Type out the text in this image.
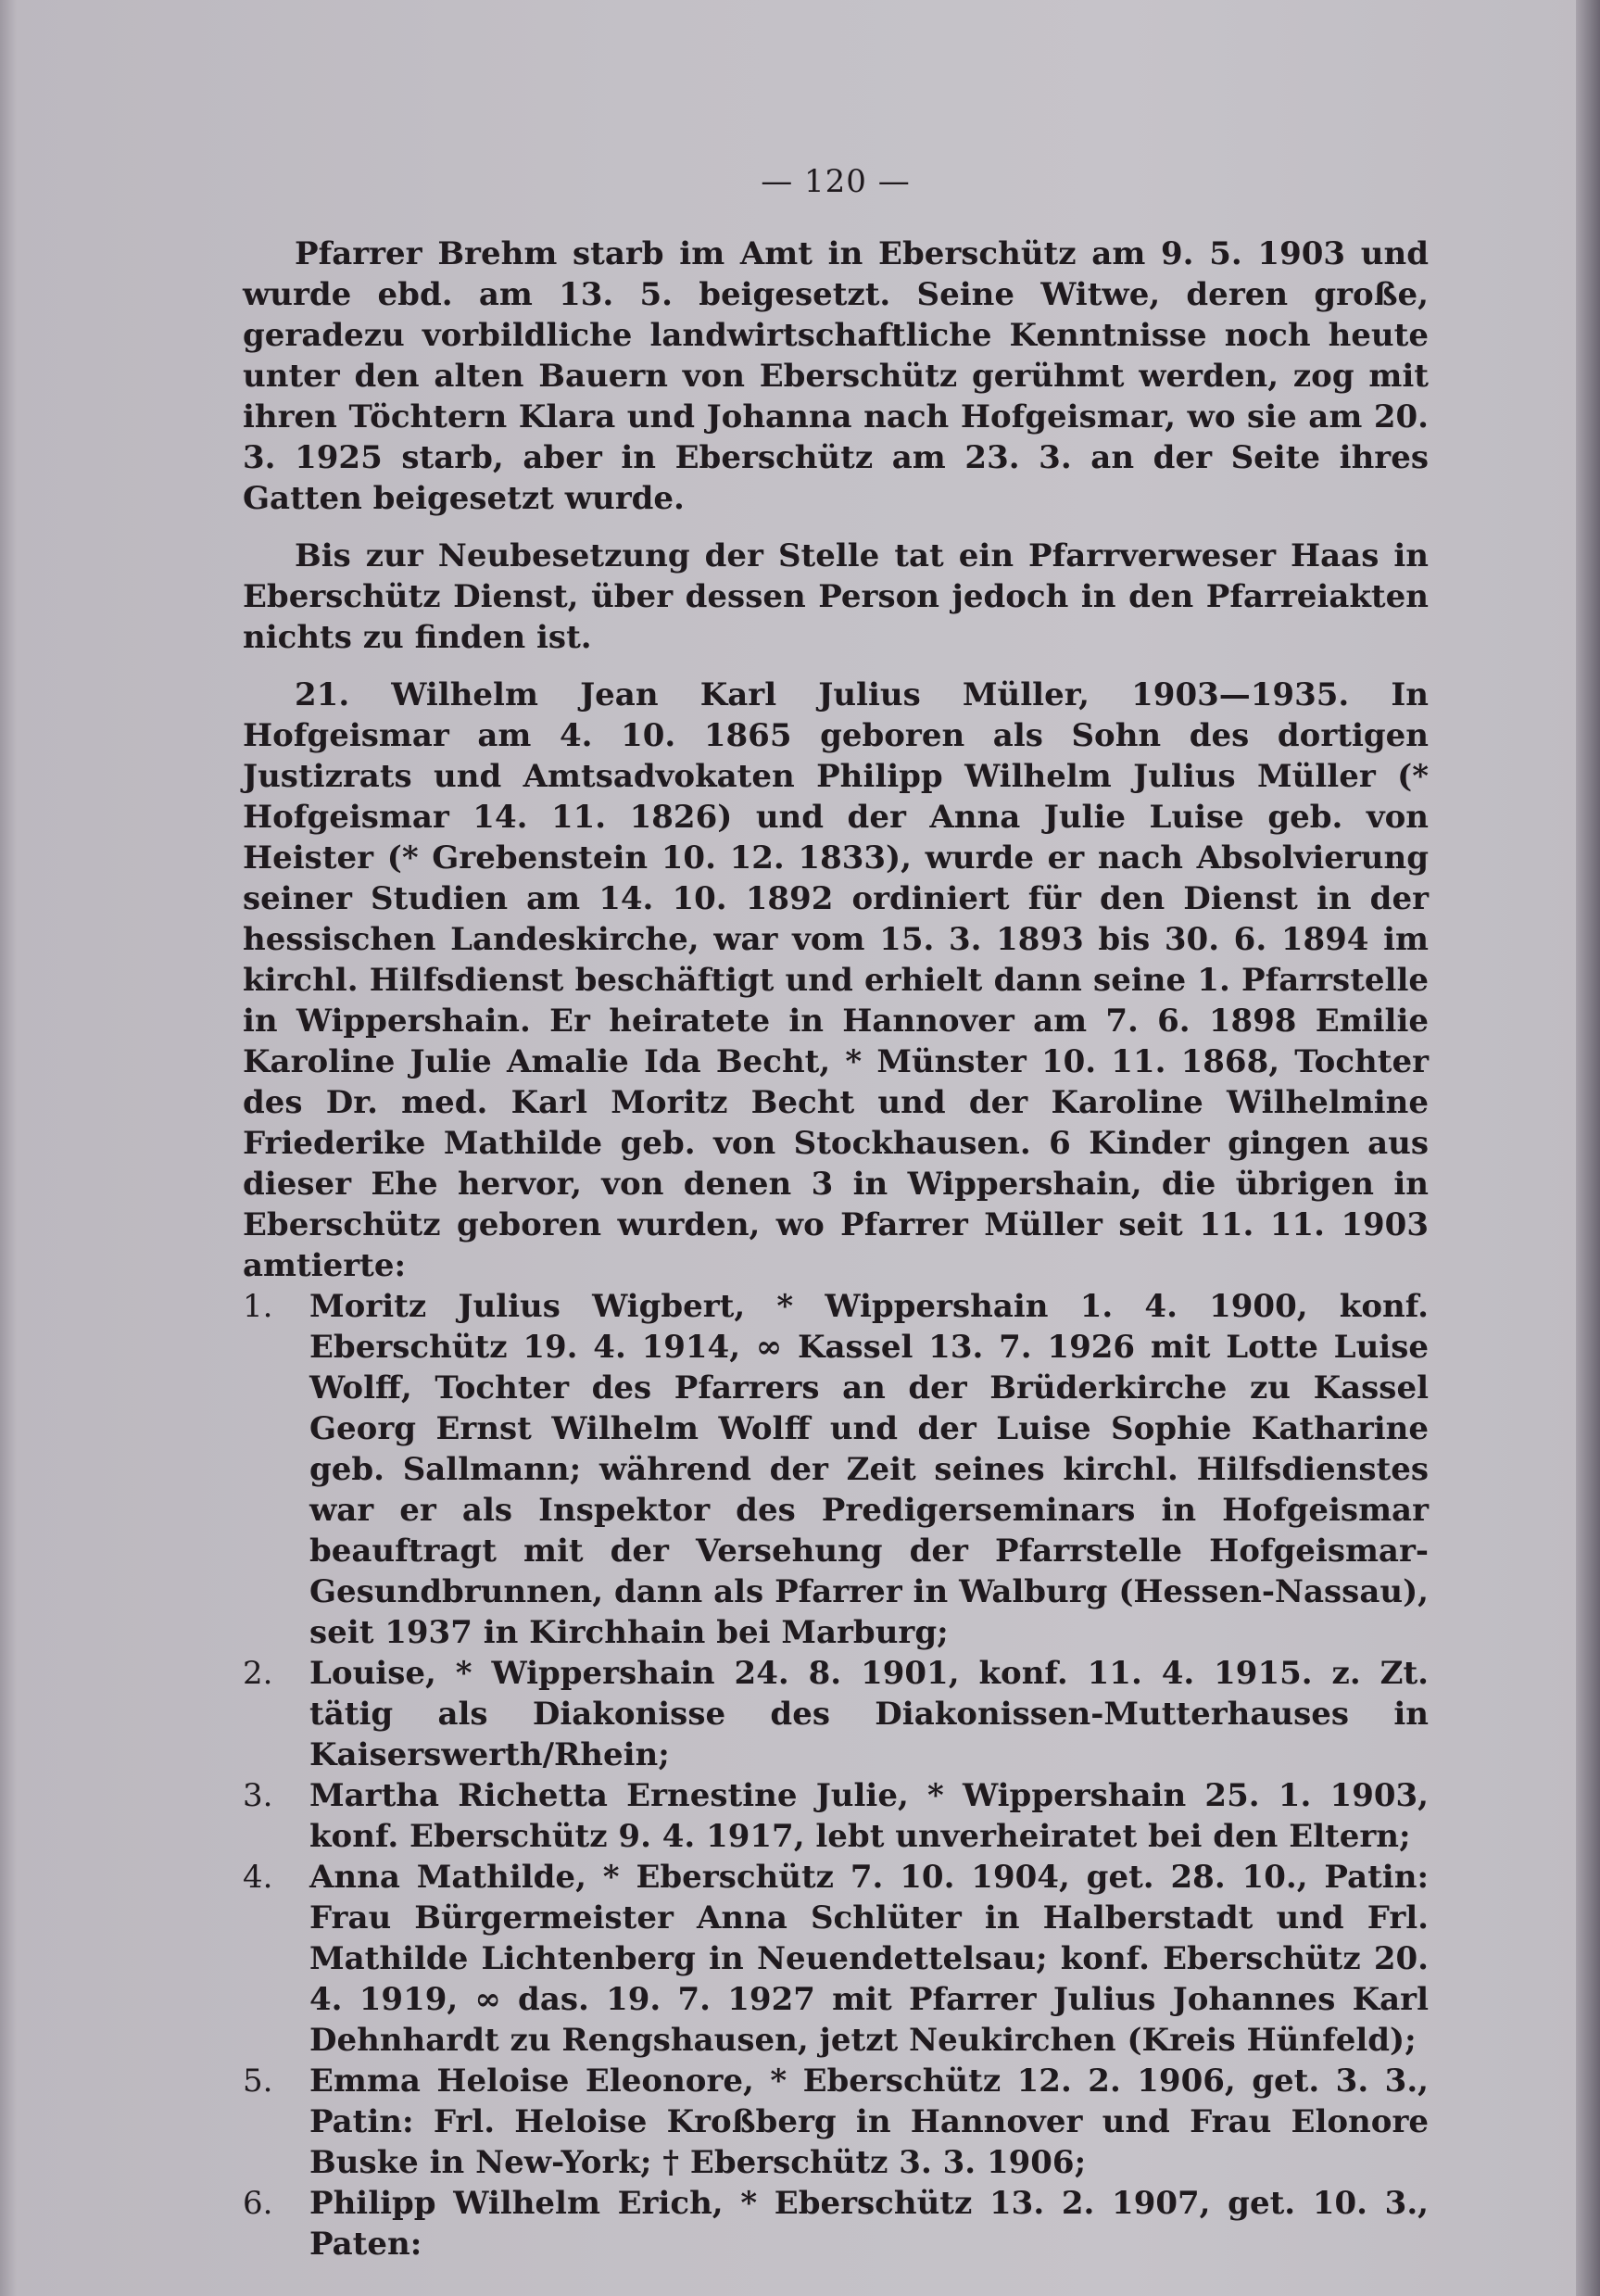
— 120 —

Pfarrer Brehm starb im Amt in Eberschütz am 9. 5. 1903 und wurde ebd. am 13. 5. beigesetzt. Seine Witwe, deren große, geradezu vorbildliche landwirtschaftliche Kenntnisse noch heute unter den alten Bauern von Eberschütz gerühmt werden, zog mit ihren Töchtern Klara und Johanna nach Hofgeismar, wo sie am 20. 3. 1925 starb, aber in Eberschütz am 23. 3. an der Seite ihres Gatten beigesetzt wurde.

Bis zur Neubesetzung der Stelle tat ein Pfarrverweser Haas in Eberschütz Dienst, über dessen Person jedoch in den Pfarreiakten nichts zu finden ist.

21. Wilhelm Jean Karl Julius Müller, 1903—1935. In Hofgeismar am 4. 10. 1865 geboren als Sohn des dortigen Justizrats und Amtsadvokaten Philipp Wilhelm Julius Müller (* Hofgeismar 14. 11. 1826) und der Anna Julie Luise geb. von Heister (* Grebenstein 10. 12. 1833), wurde er nach Absolvierung seiner Studien am 14. 10. 1892 ordiniert für den Dienst in der hessischen Landeskirche, war vom 15. 3. 1893 bis 30. 6. 1894 im kirchl. Hilfsdienst beschäftigt und erhielt dann seine 1. Pfarrstelle in Wippershain. Er heiratete in Hannover am 7. 6. 1898 Emilie Karoline Julie Amalie Ida Becht, * Münster 10. 11. 1868, Tochter des Dr. med. Karl Moritz Becht und der Karoline Wilhelmine Friederike Mathilde geb. von Stockhausen. 6 Kinder gingen aus dieser Ehe hervor, von denen 3 in Wippershain, die übrigen in Eberschütz geboren wurden, wo Pfarrer Müller seit 11. 11. 1903 amtierte:

1. Moritz Julius Wigbert, * Wippershain 1. 4. 1900, konf. Eberschütz 19. 4. 1914, ∞ Kassel 13. 7. 1926 mit Lotte Luise Wolff, Tochter des Pfarrers an der Brüderkirche zu Kassel Georg Ernst Wilhelm Wolff und der Luise Sophie Katharine geb. Sallmann; während der Zeit seines kirchl. Hilfsdienstes war er als Inspektor des Predigerseminars in Hofgeismar beauftragt mit der Versehung der Pfarrstelle Hofgeismar-Gesundbrunnen, dann als Pfarrer in Walburg (Hessen-Nassau), seit 1937 in Kirchhain bei Marburg;
2. Louise, * Wippershain 24. 8. 1901, konf. 11. 4. 1915. z. Zt. tätig als Diakonisse des Diakonissen-Mutterhauses in Kaiserswerth/Rhein;
3. Martha Richetta Ernestine Julie, * Wippershain 25. 1. 1903, konf. Eberschütz 9. 4. 1917, lebt unverheiratet bei den Eltern;
4. Anna Mathilde, * Eberschütz 7. 10. 1904, get. 28. 10., Patin: Frau Bürgermeister Anna Schlüter in Halberstadt und Frl. Mathilde Lichtenberg in Neuendettelsau; konf. Eberschütz 20. 4. 1919, ∞ das. 19. 7. 1927 mit Pfarrer Julius Johannes Karl Dehnhardt zu Rengshausen, jetzt Neukirchen (Kreis Hünfeld);
5. Emma Heloise Eleonore, * Eberschütz 12. 2. 1906, get. 3. 3., Patin: Frl. Heloise Kroßberg in Hannover und Frau Elonore Buske in New-York; † Eberschütz 3. 3. 1906;
6. Philipp Wilhelm Erich, * Eberschütz 13. 2. 1907, get. 10. 3., Paten:
